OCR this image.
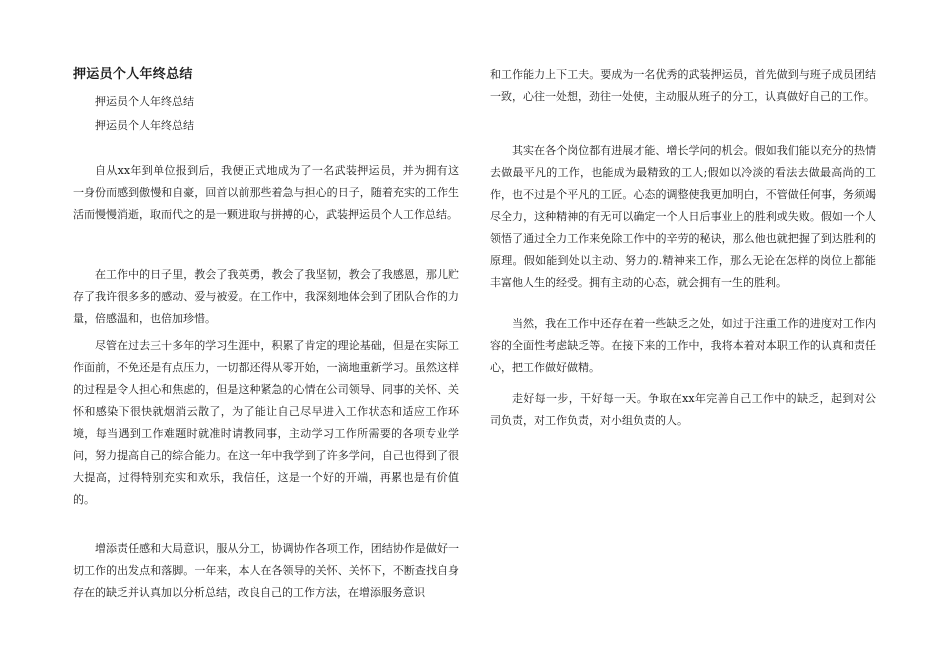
押运员个人年终总结
押运员个人年终总结
押运员个人年终总结

自从xx年到单位报到后，我便正式地成为了一名武装押运员，并为拥有这一身份而感到傲慢和自豪，回首以前那些着急与担心的日子，随着充实的工作生活而慢慢消逝，取而代之的是一颗进取与拼搏的心，武装押运员个人工作总结。

在工作中的日子里，教会了我英勇，教会了我坚韧，教会了我感恩，那儿贮存了我许很多多的感动、爱与被爱。在工作中，我深刻地体会到了团队合作的力量，倍感温和，也倍加珍惜。

尽管在过去三十多年的学习生涯中，积累了肯定的理论基础，但是在实际工作面前，不免还是有点压力，一切都还得从零开始，一滴地重新学习。虽然这样的过程是令人担心和焦虑的，但是这种紧急的心情在公司领导、同事的关怀、关怀和感染下很快就烟消云散了，为了能让自己尽早进入工作状态和适应工作环境，每当遇到工作难题时就准时请教同事，主动学习工作所需要的各项专业学问，努力提高自己的综合能力。在这一年中我学到了许多学问，自己也得到了很大提高，过得特别充实和欢乐，我信任，这是一个好的开端，再累也是有价值的。

增添责任感和大局意识，服从分工，协调协作各项工作，团结协作是做好一切工作的出发点和落脚。一年来，本人在各领导的关怀、关怀下，不断查找自身存在的缺乏并认真加以分析总结，改良自己的工作方法，在增添服务意识

和工作能力上下工夫。要成为一名优秀的武装押运员，首先做到与班子成员团结一致，心往一处想，劲往一处使，主动服从班子的分工，认真做好自己的工作。

其实在各个岗位都有进展才能、增长学问的机会。假如我们能以充分的热情去做最平凡的工作，也能成为最精致的工人;假如以冷淡的看法去做最高尚的工作，也不过是个平凡的工匠。心态的调整使我更加明白，不管做任何事，务须竭尽全力，这种精神的有无可以确定一个人日后事业上的胜利或失败。假如一个人领悟了通过全力工作来免除工作中的辛劳的秘诀，那么他也就把握了到达胜利的原理。假如能到处以主动、努力的.精神来工作，那么无论在怎样的岗位上都能丰富他人生的经受。拥有主动的心态，就会拥有一生的胜利。

当然，我在工作中还存在着一些缺乏之处，如过于注重工作的进度对工作内容的全面性考虑缺乏等。在接下来的工作中，我将本着对本职工作的认真和责任心，把工作做好做精。

走好每一步，干好每一天。争取在xx年完善自己工作中的缺乏，起到对公司负责，对工作负责，对小组负责的人。
